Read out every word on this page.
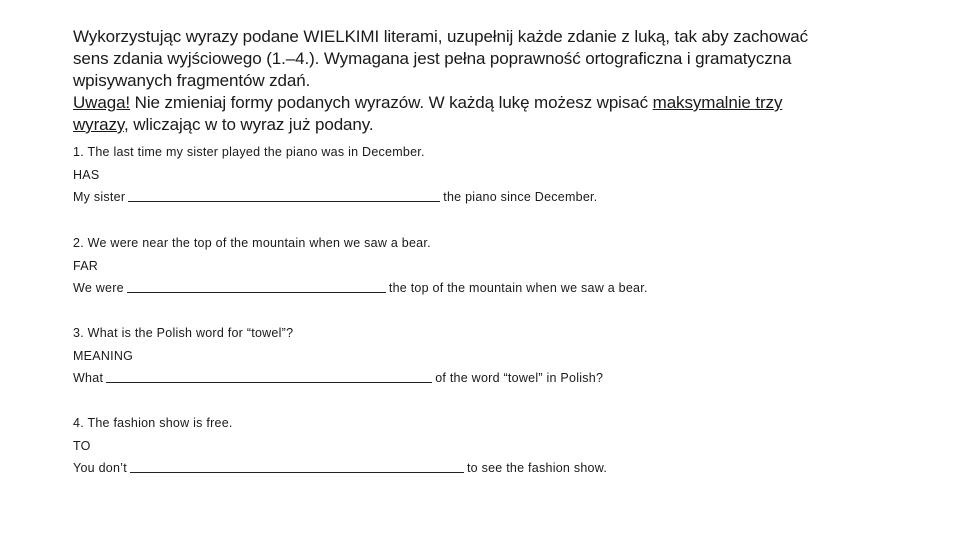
Wykorzystując wyrazy podane WIELKIMI literami, uzupełnij każde zdanie z luką, tak aby zachować

sens zdania wyjściowego (1.–4.). Wymagana jest pełna poprawność ortograficzna i gramatyczna

wpisywanych fragmentów zdań.

Uwaga! Nie zmieniaj formy podanych wyrazów. W każdą lukę możesz wpisać maksymalnie trzy

wyrazy, wliczając w to wyraz już podany.

1. The last time my sister played the piano was in December.
HAS
My sister	the piano since December.
2. We were near the top of the mountain when we saw a bear.
FAR
We were	the top of the mountain when we saw a bear.
3. What is the Polish word for “towel”?
MEANING
What	of the word “towel” in Polish?
4. The fashion show is free.
TO
You don’t	to see the fashion show.
